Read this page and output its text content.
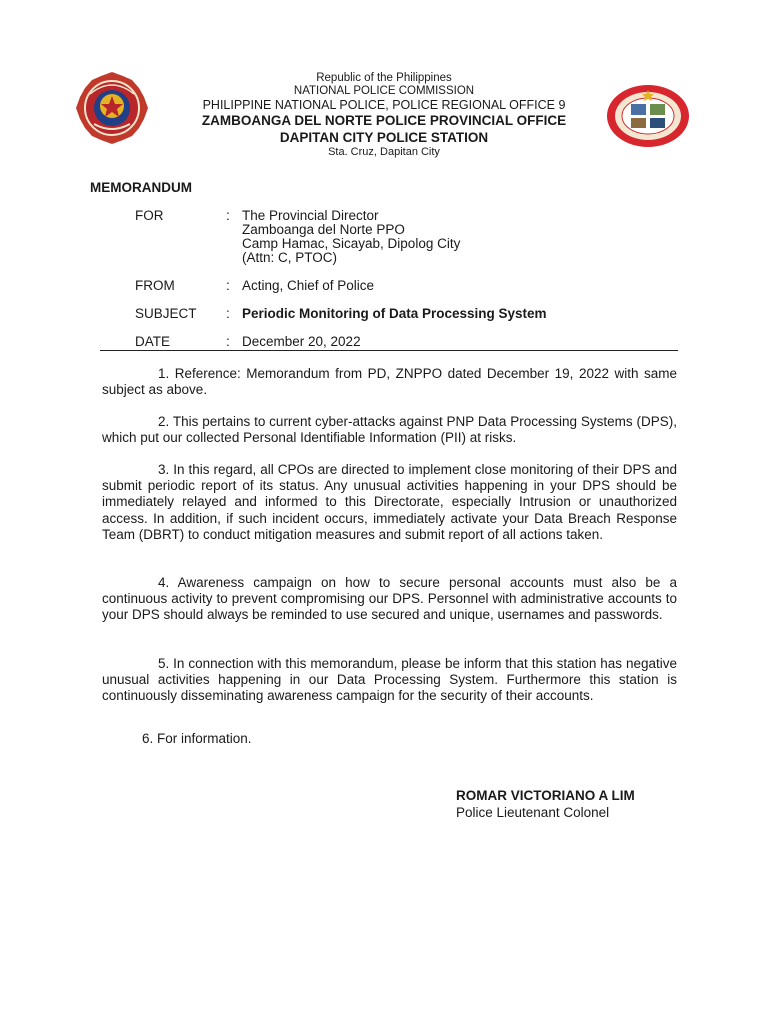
Republic of the Philippines
NATIONAL POLICE COMMISSION
PHILIPPINE NATIONAL POLICE, POLICE REGIONAL OFFICE 9
ZAMBOANGA DEL NORTE POLICE PROVINCIAL OFFICE
DAPITAN CITY POLICE STATION
Sta. Cruz, Dapitan City
MEMORANDUM
FOR	: The Provincial Director
Zamboanga del Norte PPO
Camp Hamac, Sicayab, Dipolog City
(Attn: C, PTOC)
FROM	: Acting, Chief of Police
SUBJECT : Periodic Monitoring of Data Processing System
DATE	: December 20, 2022
1. Reference: Memorandum from PD, ZNPPO dated December 19, 2022 with same subject as above.
2. This pertains to current cyber-attacks against PNP Data Processing Systems (DPS), which put our collected Personal Identifiable Information (PII) at risks.
3. In this regard, all CPOs are directed to implement close monitoring of their DPS and submit periodic report of its status. Any unusual activities happening in your DPS should be immediately relayed and informed to this Directorate, especially Intrusion or unauthorized access. In addition, if such incident occurs, immediately activate your Data Breach Response Team (DBRT) to conduct mitigation measures and submit report of all actions taken.
4. Awareness campaign on how to secure personal accounts must also be a continuous activity to prevent compromising our DPS. Personnel with administrative accounts to your DPS should always be reminded to use secured and unique, usernames and passwords.
5. In connection with this memorandum, please be inform that this station has negative unusual activities happening in our Data Processing System. Furthermore this station is continuously disseminating awareness campaign for the security of their accounts.
6. For information.
ROMAR VICTORIANO A LIM
Police Lieutenant Colonel
